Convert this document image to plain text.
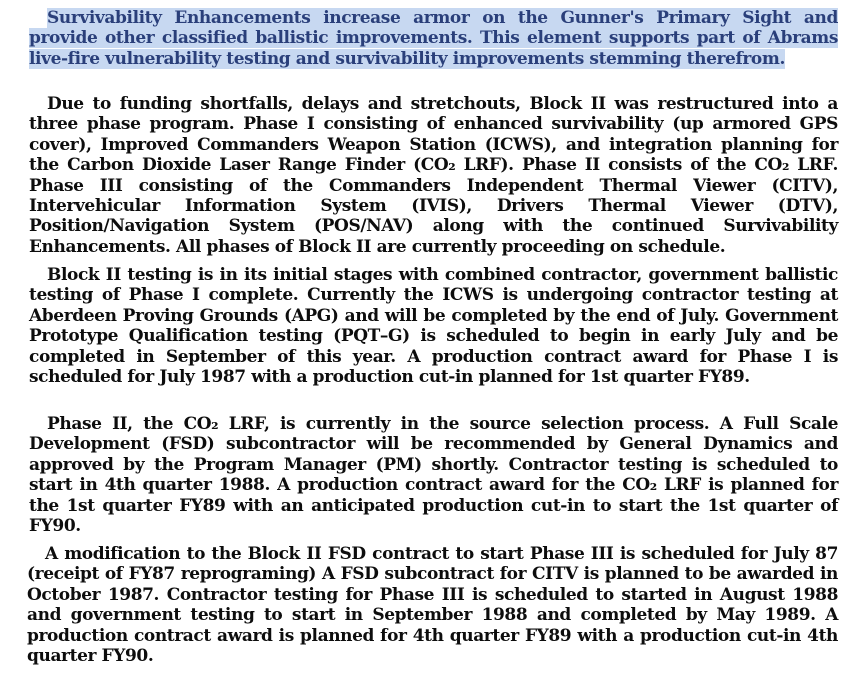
Survivability Enhancements increase armor on the Gunner's Primary Sight and provide other classified ballistic improvements. This element supports part of Abrams live-fire vulnerability testing and survivability improvements stemming therefrom.

Due to funding shortfalls, delays and stretchouts, Block II was restructured into a three phase program. Phase I consisting of enhanced survivability (up armored GPS cover), Improved Commanders Weapon Station (ICWS), and integration planning for the Carbon Dioxide Laser Range Finder (CO₂ LRF). Phase II consists of the CO₂ LRF. Phase III consisting of the Commanders Independent Thermal Viewer (CITV), Intervehicular Information System (IVIS), Drivers Thermal Viewer (DTV), Position/Navigation System (POS/NAV) along with the continued Survivability Enhancements. All phases of Block II are currently proceeding on schedule.

Block II testing is in its initial stages with combined contractor, government ballistic testing of Phase I complete. Currently the ICWS is undergoing contractor testing at Aberdeen Proving Grounds (APG) and will be completed by the end of July. Government Prototype Qualification testing (PQT–G) is scheduled to begin in early July and be completed in September of this year. A production contract award for Phase I is scheduled for July 1987 with a production cut-in planned for 1st quarter FY89.

Phase II, the CO₂ LRF, is currently in the source selection process. A Full Scale Development (FSD) subcontractor will be recommended by General Dynamics and approved by the Program Manager (PM) shortly. Contractor testing is scheduled to start in 4th quarter 1988. A production contract award for the CO₂ LRF is planned for the 1st quarter FY89 with an anticipated production cut-in to start the 1st quarter of FY90.

A modification to the Block II FSD contract to start Phase III is scheduled for July 87 (receipt of FY87 reprograming) A FSD subcontract for CITV is planned to be awarded in October 1987. Contractor testing for Phase III is scheduled to started in August 1988 and government testing to start in September 1988 and completed by May 1989. A production contract award is planned for 4th quarter FY89 with a production cut-in 4th quarter FY90.
